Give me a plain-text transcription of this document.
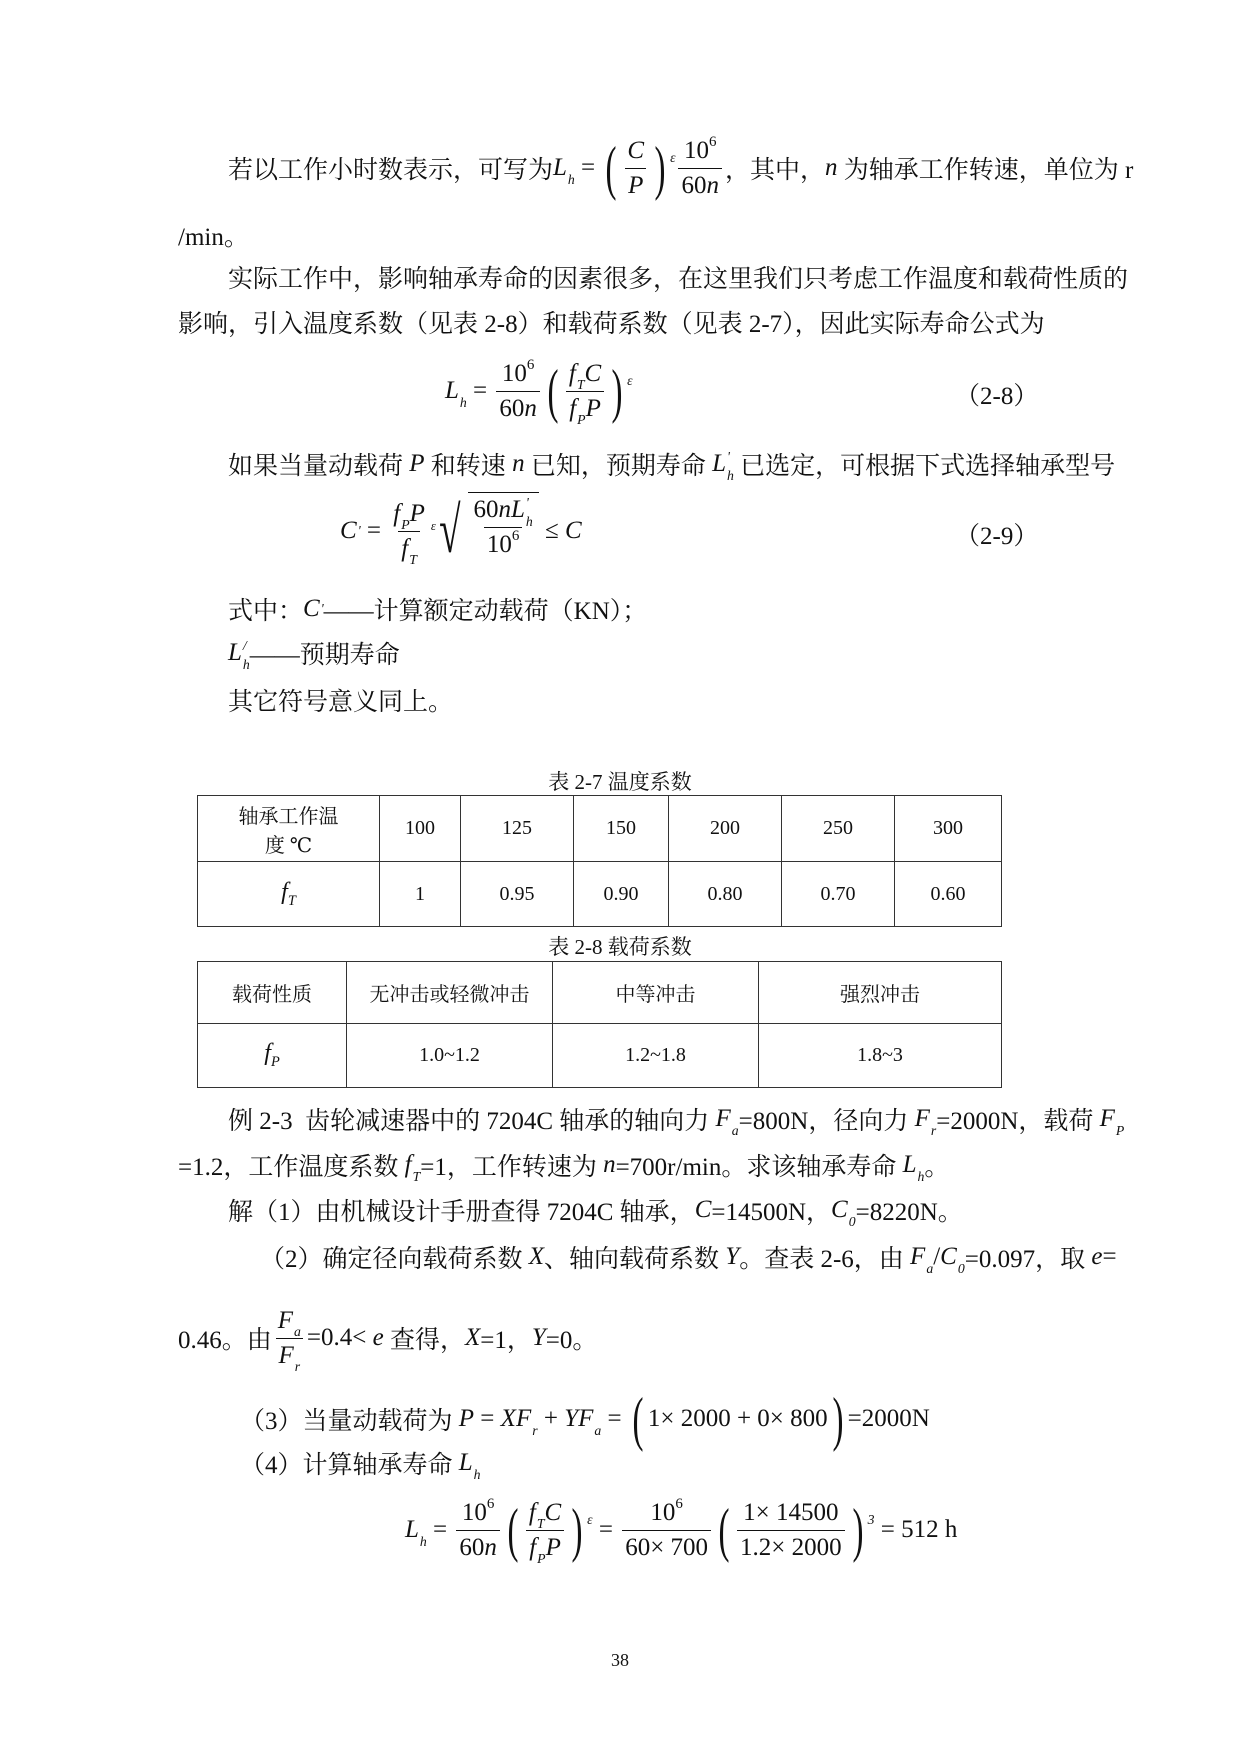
若以工作小时数表示，可写为 L h = ( $\frac{C}{P}$ ) ε $\frac{10 6}{60 n}$ ，其中， n 为轴承工作转速，单位为 r
/min。
实际工作中，影响轴承寿命的因素很多，在这里我们只考虑工作温度和载荷性质的
影响，引入温度系数（见表 2-8）和载荷系数（见表 2-7），因此实际寿命公式为
L $h = \frac{10 6}{60 n}$ ( $\frac{\text{f T C}}{\text{f P P}}$ ) ε
（2-8）
如果当量动载荷 P 和转速 n 已知，预期寿命 L '
h 已选定，可根据下式选择轴承型号
C ' = $\frac{\text{f P P}}{\text{f T}}$ ε √ 60 n L '
h
10 6 ≤ C	（2-9）
式中： C ' ——计算额定动载荷（KN）；
L /
h ——预期寿命
其它符号意义同上。
表 2-7 温度系数
轴承工作温
度 ℃	100	125	150	200	250	300
$f_T$	1	0.95	0.90	0.80	0.70	0.60
表 2-8 载荷系数
载荷性质	无冲击或轻微冲击	中等冲击	强烈冲击
$f_P$	1.0~1.2	1.2~1.8	1.8~3
例 2-3  齿轮减速器中的 7204C 轴承的轴向力 F a =800N，径向力 F r =2000N，载荷 F P
=1.2，工作温度系数 f T =1，工作转速为 n =700r/min。求该轴承寿命 L h 。
解（1）由机械设计手册查得 7204C 轴承， C =14500N， C 0 =8220N。
（2）确定径向载荷系数 X 、轴向载荷系数 Y 。查表 2-6，由 F a / C 0 =0.097，取 e =
0.46。由 $\frac{\text{F a}}{\text{F r}} =0.4< e$ 查得， X =1， Y =0。
（3）当量动载荷为 P = X F r + Y F a = ( 1× 2000 + 0× 800 ) =2000N
（4）计算轴承寿命 L h
L $h = \frac{10 6}{60 n}$ ( $\frac{\text{f T C}}{\text{f P P}}$ ) $\varepsilon = \frac{10 6}{60\times 700}$ ( $\frac{1\times 14500}{1.2\times 2000}$ ) 3 = 512 h
38
